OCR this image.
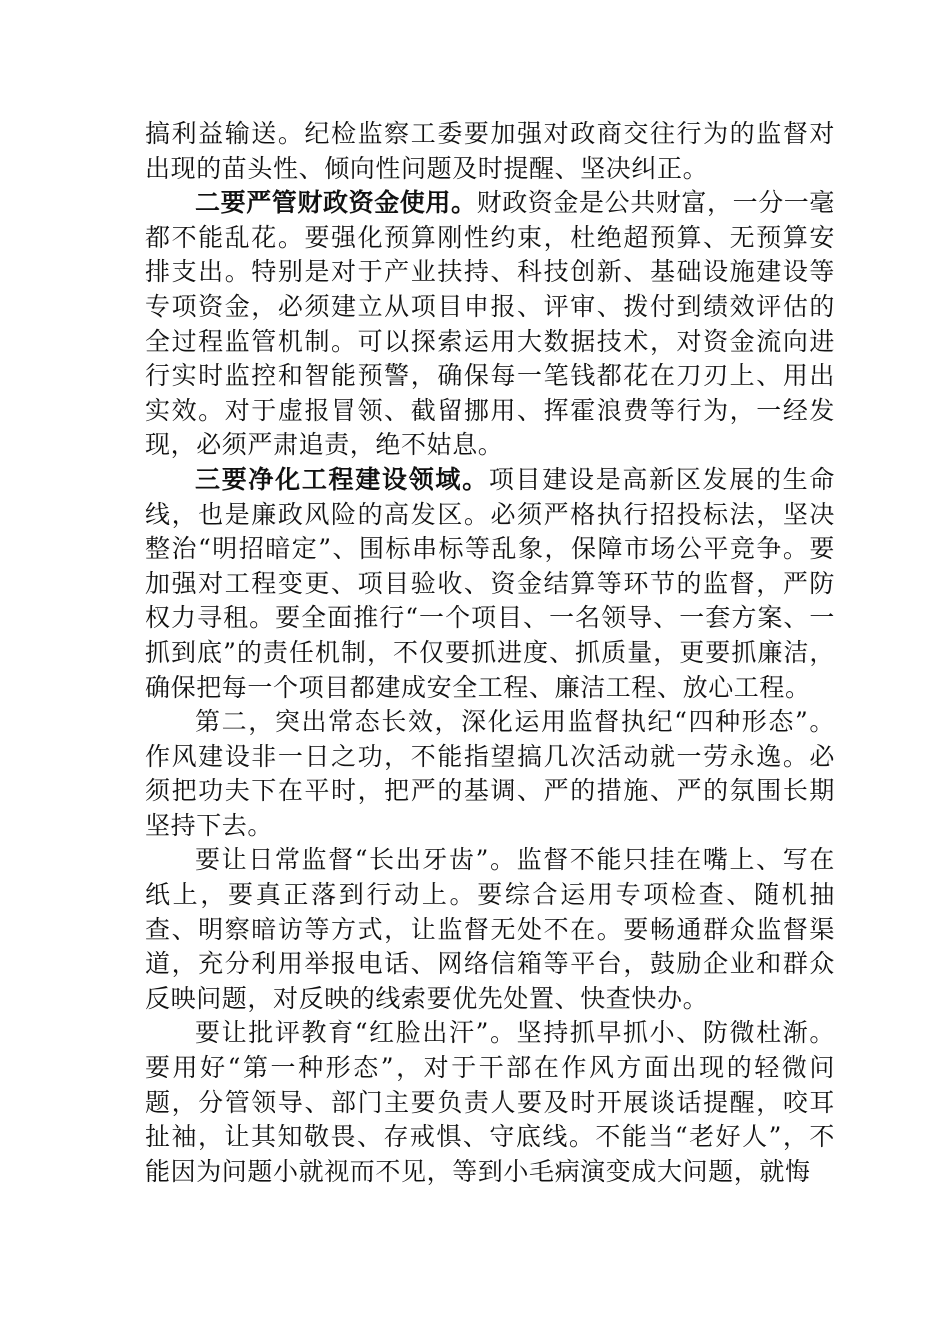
搞利益输送。纪检监察工委要加强对政商交往行为的监督对出现的苗头性、倾向性问题及时提醒、坚决纠正。

二要严管财政资金使用。财政资金是公共财富，一分一毫都不能乱花。要强化预算刚性约束，杜绝超预算、无预算安排支出。特别是对于产业扶持、科技创新、基础设施建设等专项资金，必须建立从项目申报、评审、拨付到绩效评估的全过程监管机制。可以探索运用大数据技术，对资金流向进行实时监控和智能预警，确保每一笔钱都花在刀刃上、用出实效。对于虚报冒领、截留挪用、挥霍浪费等行为，一经发现，必须严肃追责，绝不姑息。

三要净化工程建设领域。项目建设是高新区发展的生命线，也是廉政风险的高发区。必须严格执行招投标法，坚决整治“明招暗定”、围标串标等乱象，保障市场公平竞争。要加强对工程变更、项目验收、资金结算等环节的监督，严防权力寻租。要全面推行“一个项目、一名领导、一套方案、一抓到底”的责任机制，不仅要抓进度、抓质量，更要抓廉洁，确保把每一个项目都建成安全工程、廉洁工程、放心工程。

第二，突出常态长效，深化运用监督执纪“四种形态”。作风建设非一日之功，不能指望搞几次活动就一劳永逸。必须把功夫下在平时，把严的基调、严的措施、严的氛围长期坚持下去。

要让日常监督“长出牙齿”。监督不能只挂在嘴上、写在纸上，要真正落到行动上。要综合运用专项检查、随机抽查、明察暗访等方式，让监督无处不在。要畅通群众监督渠道，充分利用举报电话、网络信箱等平台，鼓励企业和群众反映问题，对反映的线索要优先处置、快查快办。

要让批评教育“红脸出汗”。坚持抓早抓小、防微杜渐。要用好“第一种形态”，对于干部在作风方面出现的轻微问题，分管领导、部门主要负责人要及时开展谈话提醒，咬耳扯袖，让其知敬畏、存戒惧、守底线。不能当“老好人”，不能因为问题小就视而不见，等到小毛病演变成大问题，就悔
